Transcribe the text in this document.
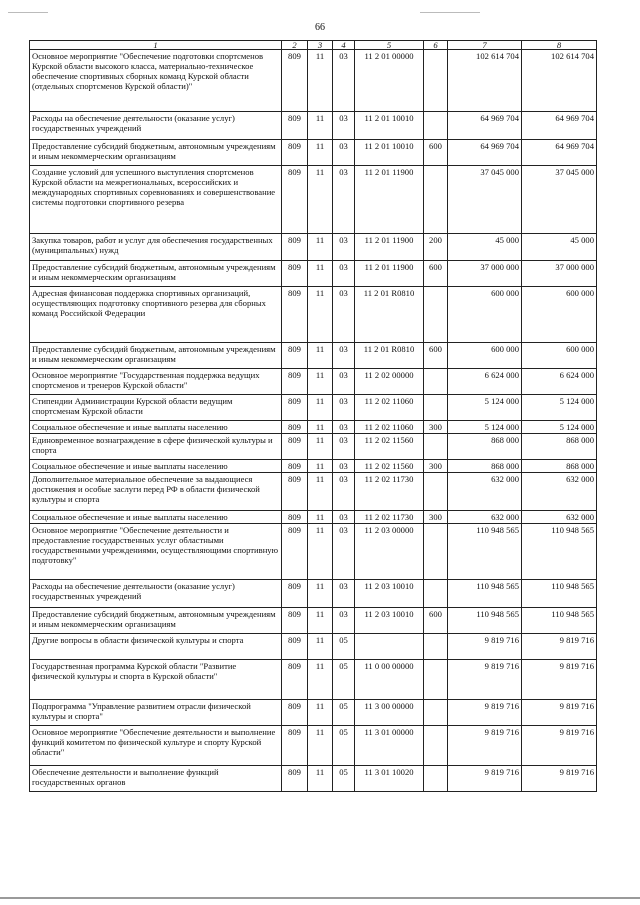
66
1	2	3	4	5	6	7	8
Основное мероприятие "Обеспечение подготовки спортсменов Курской области высокого класса, материально-техническое обеспечение спортивных сборных команд Курской области (отдельных спортсменов Курской области)"	809	11	03	11 2 01 00000		102 614 704	102 614 704
Расходы на обеспечение деятельности (оказание услуг) государственных учреждений	809	11	03	11 2 01 10010		64 969 704	64 969 704
Предоставление субсидий бюджетным, автономным учреждениям и иным некоммерческим организациям	809	11	03	11 2 01 10010	600	64 969 704	64 969 704
Создание условий для успешного выступления спортсменов Курской области на межрегиональных, всероссийских и международных спортивных соревнованиях и совершенствование системы подготовки спортивного резерва	809	11	03	11 2 01 11900		37 045 000	37 045 000
Закупка товаров, работ и услуг для обеспечения государственных (муниципальных) нужд	809	11	03	11 2 01 11900	200	45 000	45 000
Предоставление субсидий бюджетным, автономным учреждениям и иным некоммерческим организациям	809	11	03	11 2 01 11900	600	37 000 000	37 000 000
Адресная финансовая поддержка спортивных организаций, осуществляющих подготовку спортивного резерва для сборных команд Российской Федерации	809	11	03	11 2 01 R0810		600 000	600 000
Предоставление субсидий бюджетным, автономным учреждениям и иным некоммерческим организациям	809	11	03	11 2 01 R0810	600	600 000	600 000
Основное мероприятие "Государственная поддержка ведущих спортсменов и тренеров Курской области"	809	11	03	11 2 02 00000		6 624 000	6 624 000
Стипендии Администрации Курской области ведущим спортсменам Курской области	809	11	03	11 2 02 11060		5 124 000	5 124 000
Социальное обеспечение и иные выплаты населению	809	11	03	11 2 02 11060	300	5 124 000	5 124 000
Единовременное вознаграждение в сфере физической культуры и спорта	809	11	03	11 2 02 11560		868 000	868 000
Социальное обеспечение и иные выплаты населению	809	11	03	11 2 02 11560	300	868 000	868 000
Дополнительное материальное обеспечение за выдающиеся достижения и особые заслуги перед РФ в области физической культуры и спорта	809	11	03	11 2 02 11730		632 000	632 000
Социальное обеспечение и иные выплаты населению	809	11	03	11 2 02 11730	300	632 000	632 000
Основное мероприятие "Обеспечение деятельности и предоставление государственных услуг областными государственными учреждениями, осуществляющими спортивную подготовку"	809	11	03	11 2 03 00000		110 948 565	110 948 565
Расходы на обеспечение деятельности (оказание услуг) государственных учреждений	809	11	03	11 2 03 10010		110 948 565	110 948 565
Предоставление субсидий бюджетным, автономным учреждениям и иным некоммерческим организациям	809	11	03	11 2 03 10010	600	110 948 565	110 948 565
Другие вопросы в области физической культуры и спорта	809	11	05			9 819 716	9 819 716
Государственная программа Курской области "Развитие физической культуры и спорта в Курской области"	809	11	05	11 0 00 00000		9 819 716	9 819 716
Подпрограмма "Управление развитием отрасли физической культуры и спорта"	809	11	05	11 3 00 00000		9 819 716	9 819 716
Основное мероприятие "Обеспечение деятельности и выполнение функций комитетом по физической культуре и спорту Курской области"	809	11	05	11 3 01 00000		9 819 716	9 819 716
Обеспечение деятельности и выполнение функций государственных органов	809	11	05	11 3 01 10020		9 819 716	9 819 716
